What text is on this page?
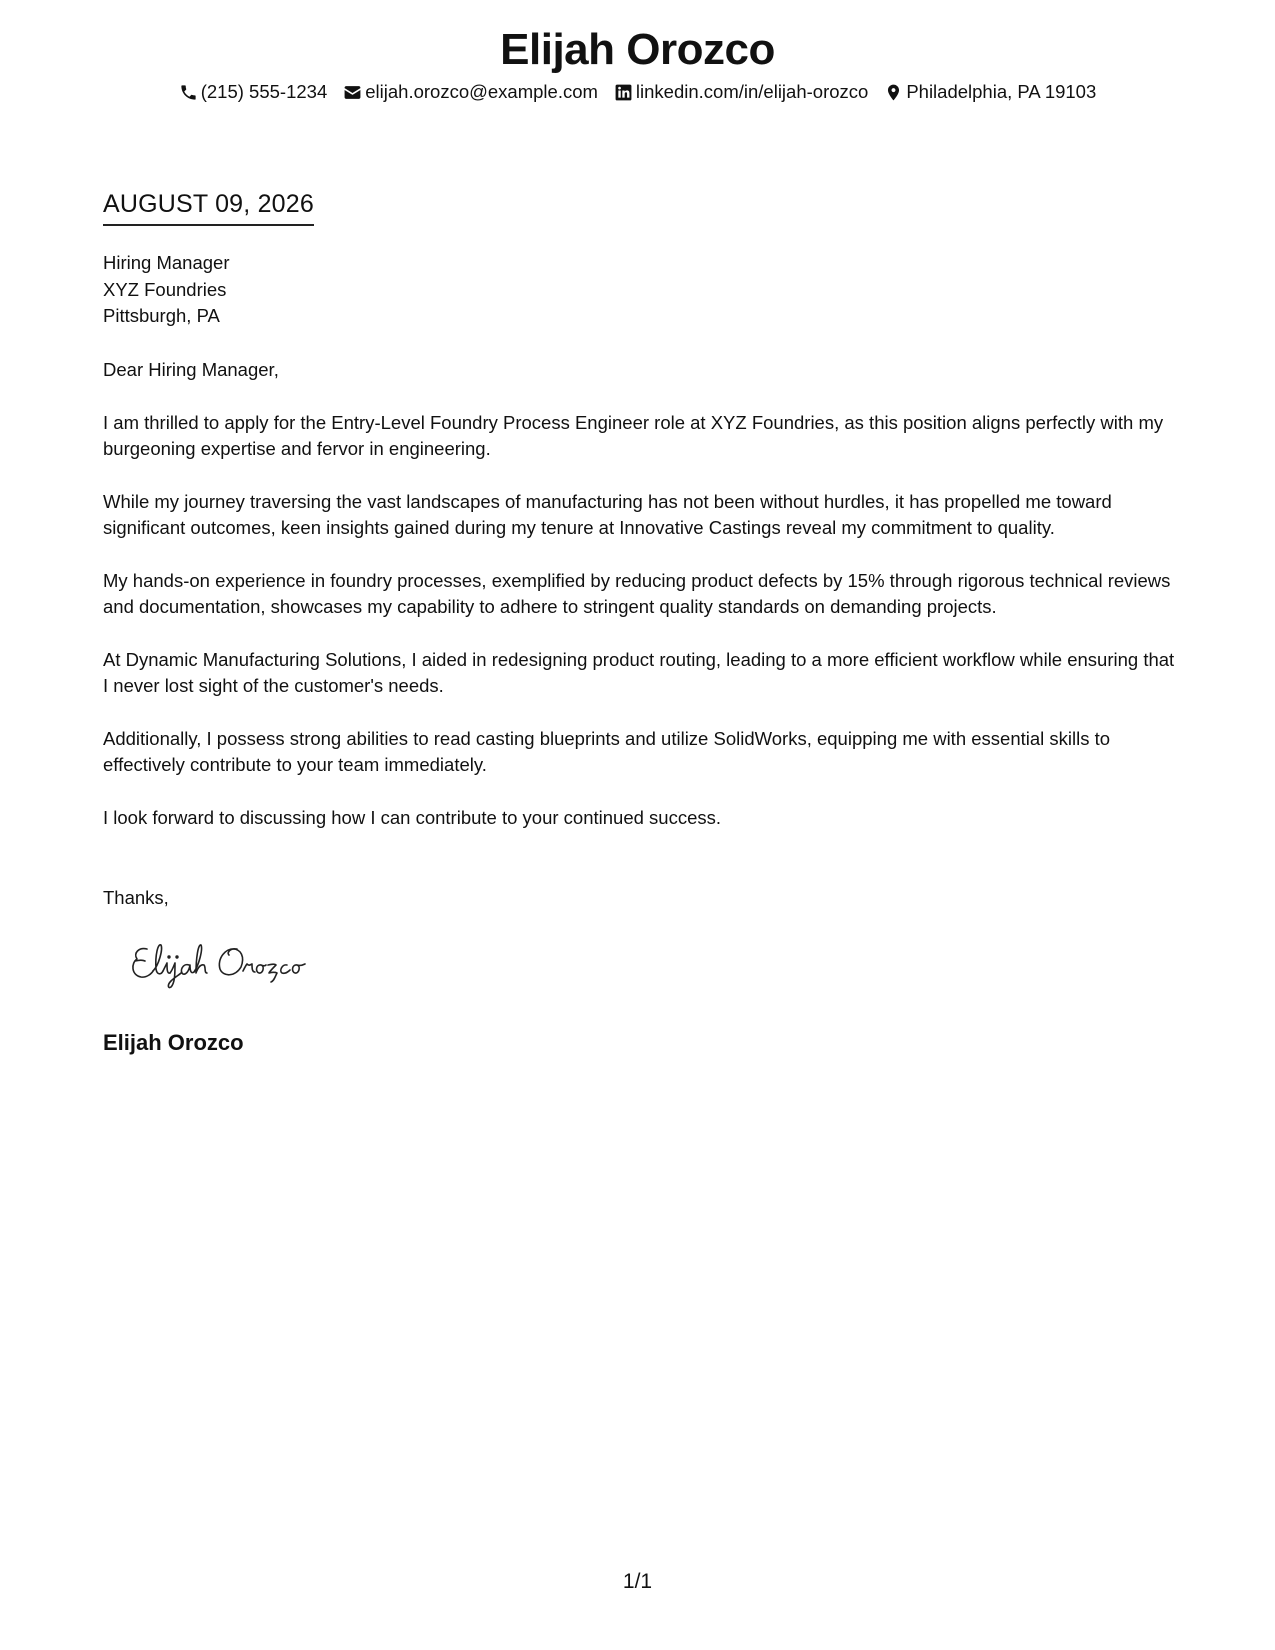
Elijah Orozco
(215) 555-1234 elijah.orozco@example.com linkedin.com/in/elijah-orozco Philadelphia, PA 19103
AUGUST 09, 2026
Hiring Manager
XYZ Foundries
Pittsburgh, PA

Dear Hiring Manager,

I am thrilled to apply for the Entry-Level Foundry Process Engineer role at XYZ Foundries, as this position aligns perfectly with my burgeoning expertise and fervor in engineering.

While my journey traversing the vast landscapes of manufacturing has not been without hurdles, it has propelled me toward significant outcomes, keen insights gained during my tenure at Innovative Castings reveal my commitment to quality.

My hands-on experience in foundry processes, exemplified by reducing product defects by 15% through rigorous technical reviews and documentation, showcases my capability to adhere to stringent quality standards on demanding projects.

At Dynamic Manufacturing Solutions, I aided in redesigning product routing, leading to a more efficient workflow while ensuring that I never lost sight of the customer's needs.

Additionally, I possess strong abilities to read casting blueprints and utilize SolidWorks, equipping me with essential skills to effectively contribute to your team immediately.

I look forward to discussing how I can contribute to your continued success.

Thanks,
Elijah Orozco
1/1
